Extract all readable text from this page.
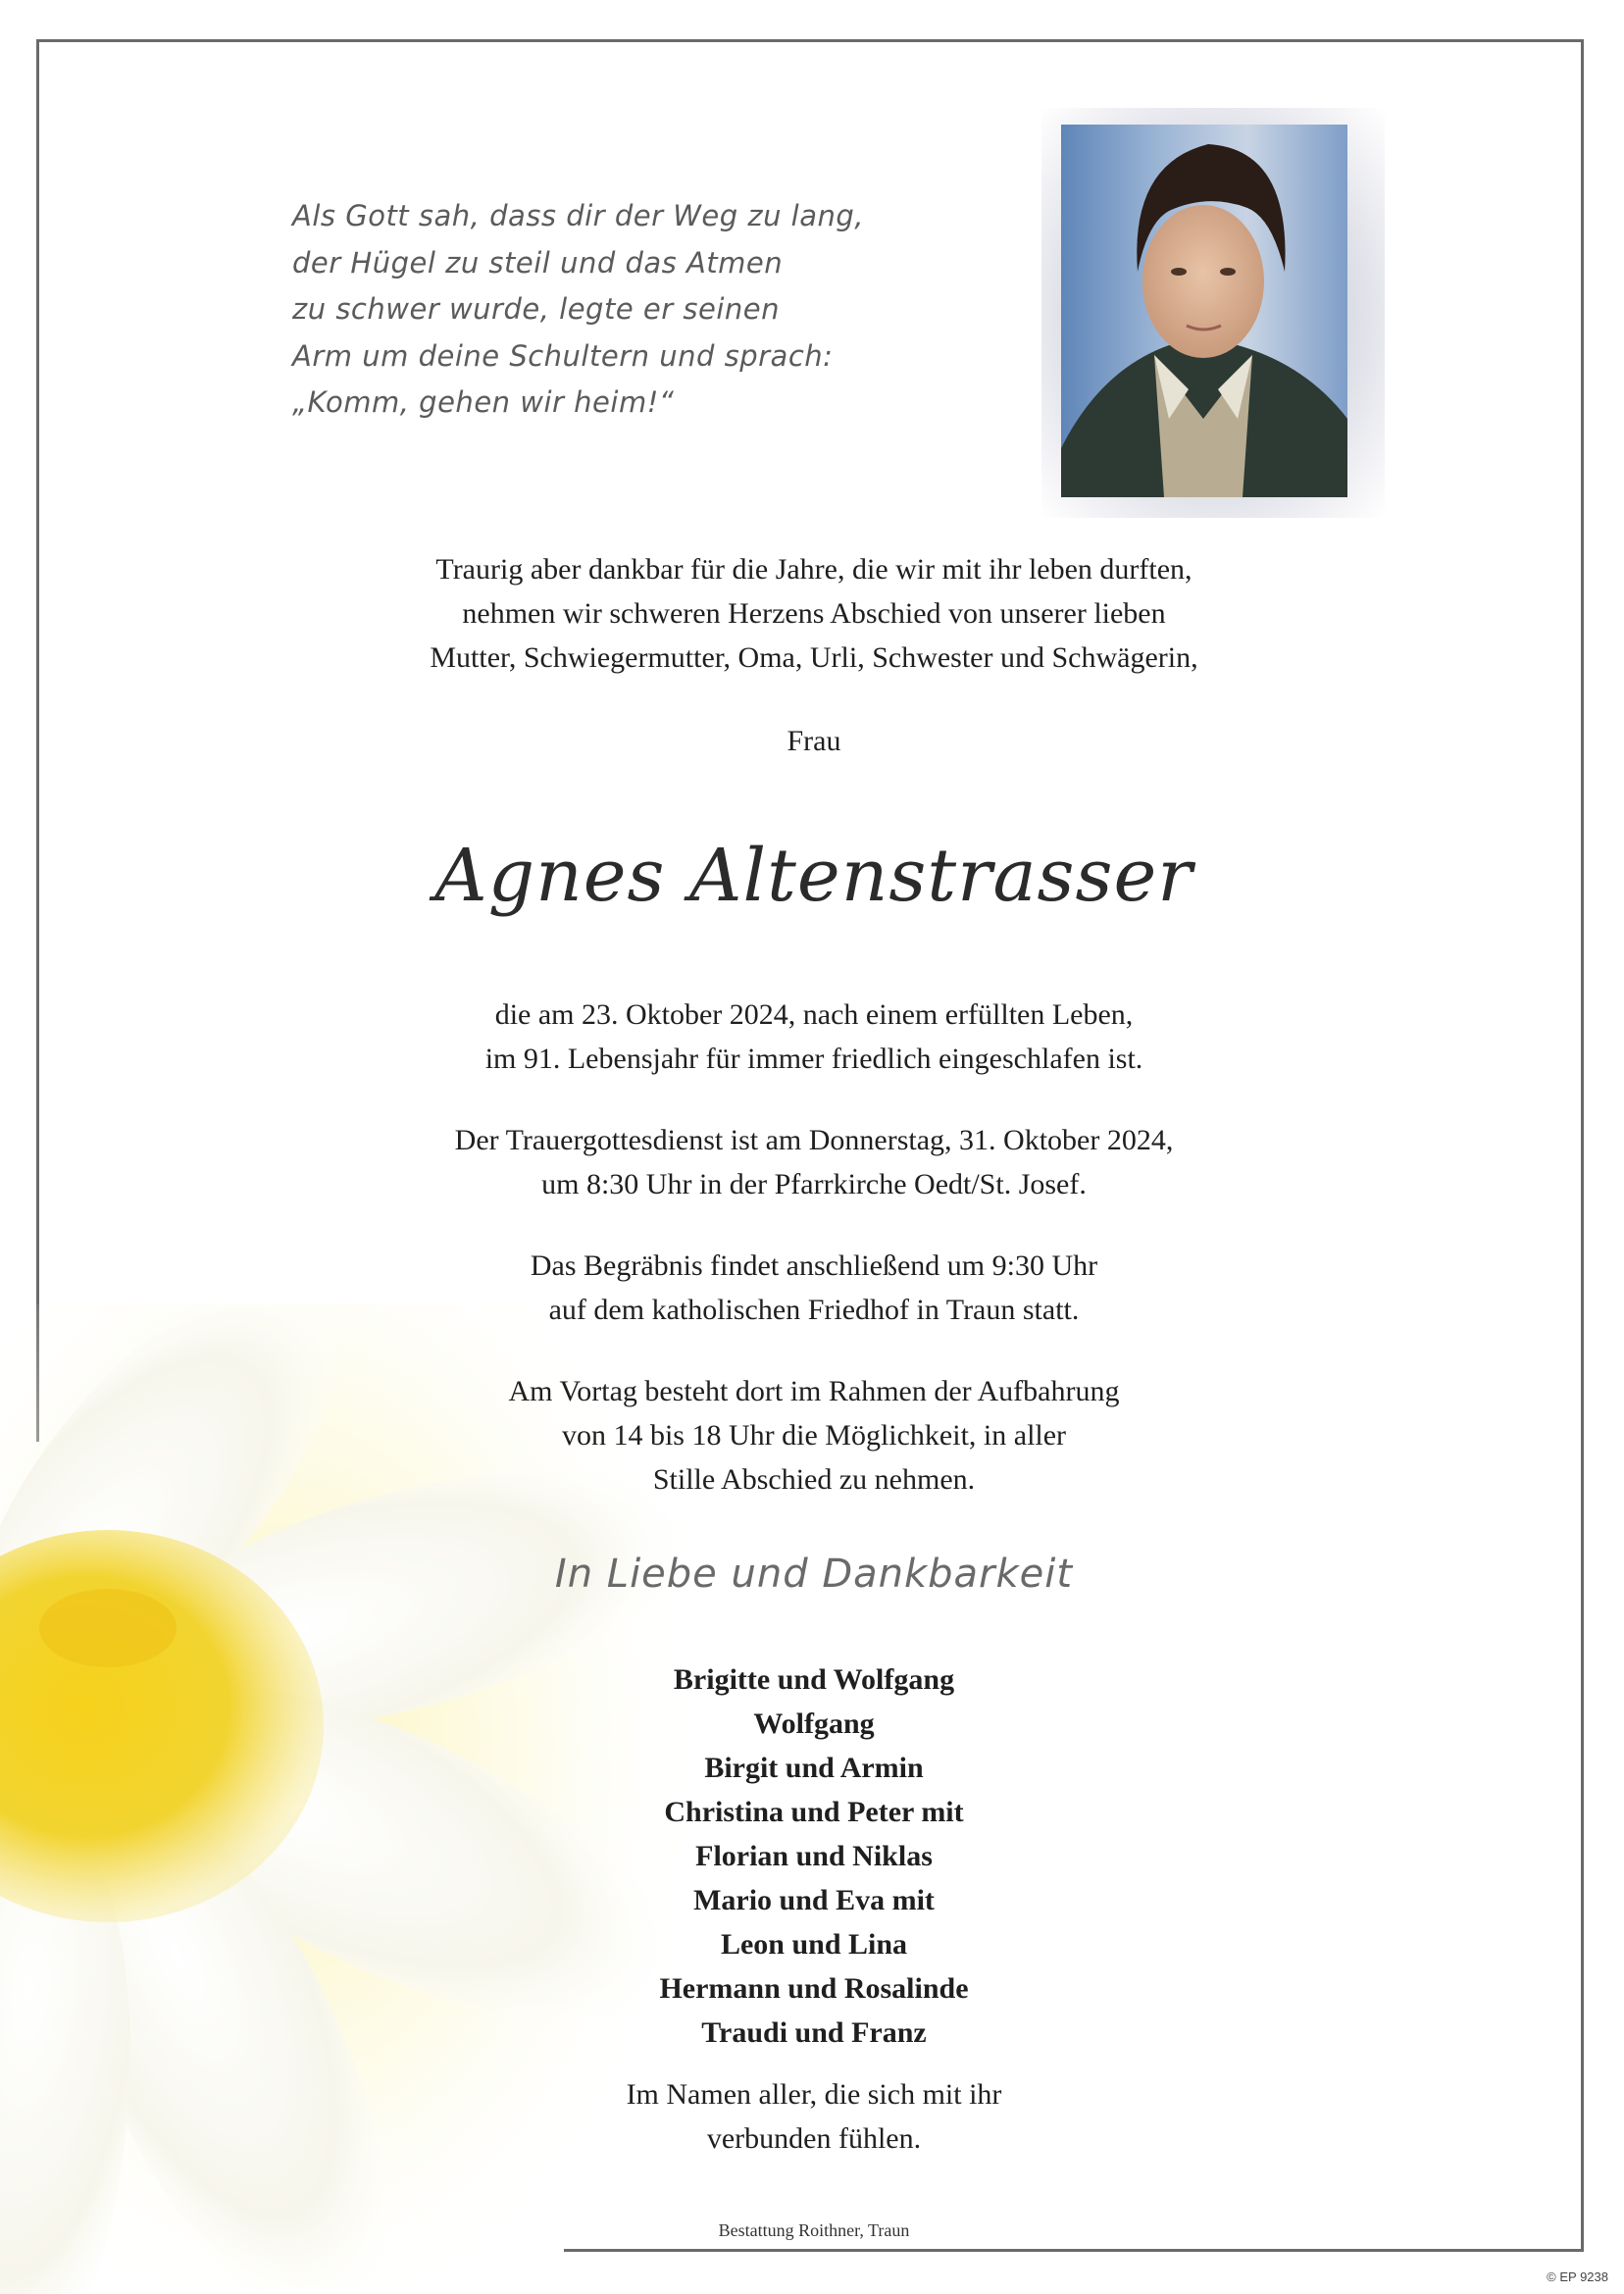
Als Gott sah, dass dir der Weg zu lang,
der Hügel zu steil und das Atmen
zu schwer wurde, legte er seinen
Arm um deine Schultern und sprach:
„Komm, gehen wir heim!“
Traurig aber dankbar für die Jahre, die wir mit ihr leben durften,
nehmen wir schweren Herzens Abschied von unserer lieben
Mutter, Schwiegermutter, Oma, Urli, Schwester und Schwägerin,
Frau
Agnes Altenstrasser
die am 23. Oktober 2024, nach einem erfüllten Leben,
im 91. Lebensjahr für immer friedlich eingeschlafen ist.
Der Trauergottesdienst ist am Donnerstag, 31. Oktober 2024,
um 8:30 Uhr in der Pfarrkirche Oedt/St. Josef.
Das Begräbnis findet anschließend um 9:30 Uhr
auf dem katholischen Friedhof in Traun statt.
Am Vortag besteht dort im Rahmen der Aufbahrung
von 14 bis 18 Uhr die Möglichkeit, in aller
Stille Abschied zu nehmen.
In Liebe und Dankbarkeit
Brigitte und Wolfgang
Wolfgang
Birgit und Armin
Christina und Peter mit
Florian und Niklas
Mario und Eva mit
Leon und Lina
Hermann und Rosalinde
Traudi und Franz
Im Namen aller, die sich mit ihr
verbunden fühlen.
Bestattung Roithner, Traun
© EP 9238
